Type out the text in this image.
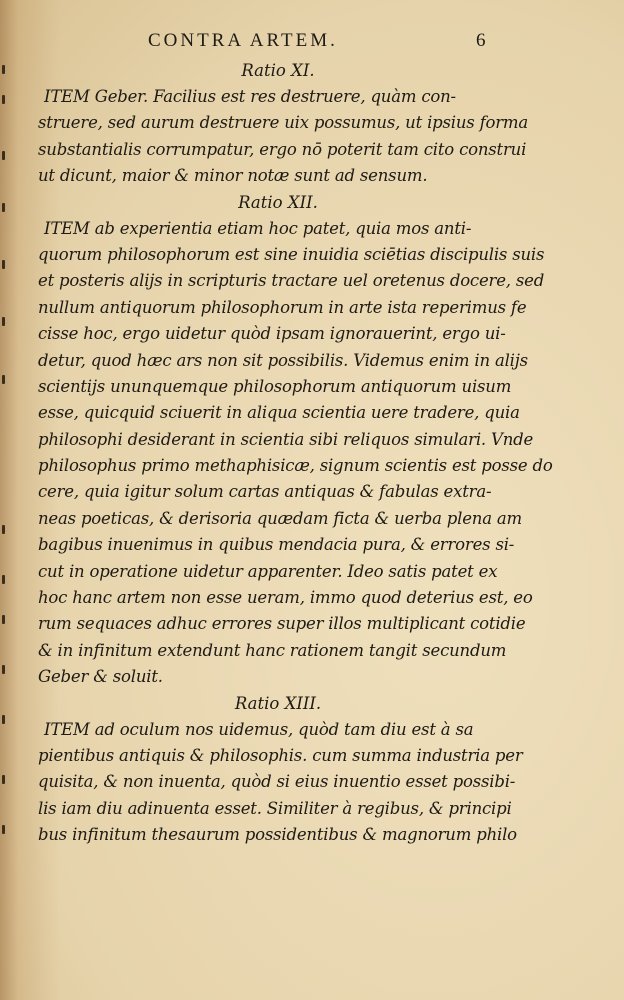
CONTRA ARTEM.	6
Ratio XI.
ITEM Geber. Facilius est res destruere, quàm con-
struere, sed aurum destruere uix possumus, ut ipsius forma
substantialis corrumpatur, ergo nō poterit tam cito construi
ut dicunt, maior & minor notæ sunt ad sensum.
Ratio XII.
ITEM ab experientia etiam hoc patet, quia mos anti-
quorum philosophorum est sine inuidia sciētias discipulis suis
et posteris alijs in scripturis tractare uel oretenus docere, sed
nullum antiquorum philosophorum in arte ista reperimus fe
cisse hoc, ergo uidetur quòd ipsam ignorauerint, ergo ui-
detur, quod hæc ars non sit possibilis. Videmus enim in alijs
scientijs ununquemque philosophorum antiquorum uisum
esse, quicquid sciuerit in aliqua scientia uere tradere, quia
philosophi desiderant in scientia sibi reliquos simulari. Vnde
philosophus primo methaphisicæ, signum scientis est posse do
cere, quia igitur solum cartas antiquas & fabulas extra-
neas poeticas, & derisoria quædam ficta & uerba plena am
bagibus inuenimus in quibus mendacia pura, & errores si-
cut in operatione uidetur apparenter. Ideo satis patet ex
hoc hanc artem non esse ueram, immo quod deterius est, eo
rum sequaces adhuc errores super illos multiplicant cotidie
& in infinitum extendunt hanc rationem tangit secundum
Geber & soluit.
Ratio XIII.
ITEM ad oculum nos uidemus, quòd tam diu est à sa
pientibus antiquis & philosophis. cum summa industria per
quisita, & non inuenta, quòd si eius inuentio esset possibi-
lis iam diu adinuenta esset. Similiter à regibus, & principi
bus infinitum thesaurum possidentibus & magnorum philo
